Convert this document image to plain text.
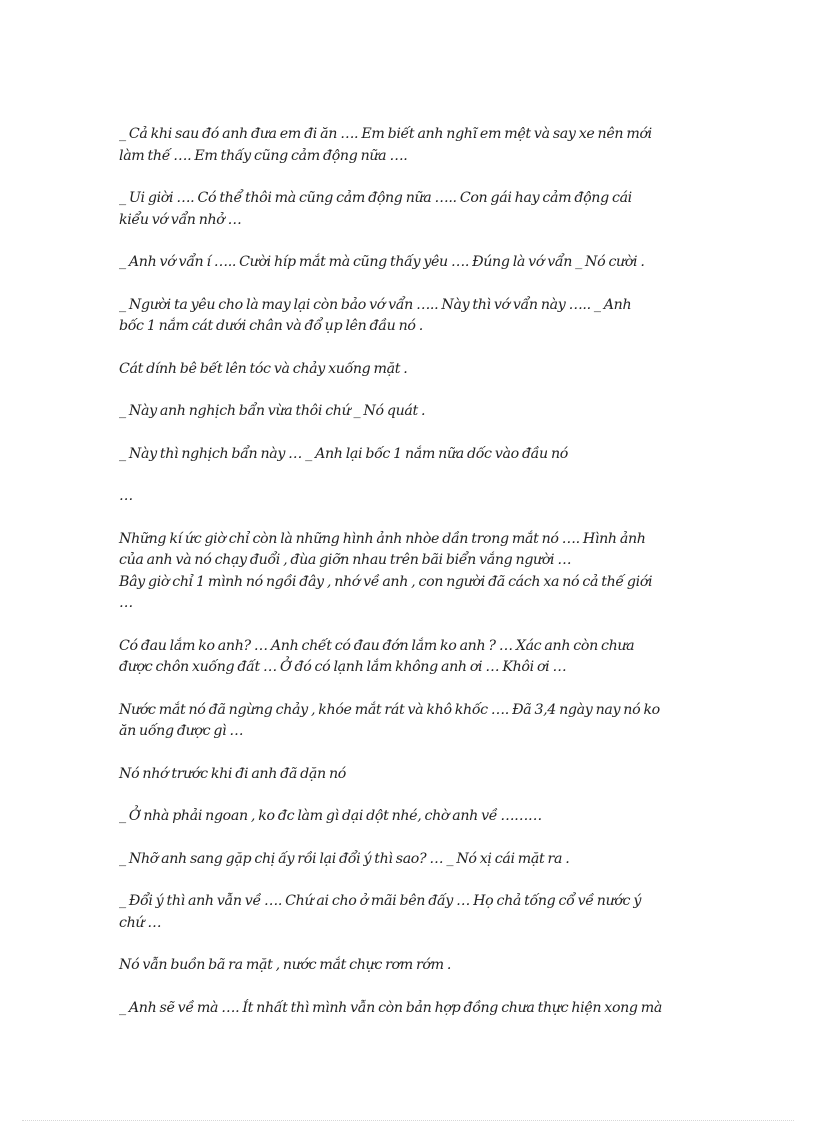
_ Cả khi sau đó anh đưa em đi ăn …. Em biết anh nghĩ em mệt và say xe nên mới
làm thế …. Em thấy cũng cảm động nữa ….

_ Ui giời …. Có thể thôi mà cũng cảm động nữa ….. Con gái hay cảm động cái
kiểu vớ vẩn nhở …

_ Anh vớ vẩn í ….. Cười híp mắt mà cũng thấy yêu …. Đúng là vớ vẩn _ Nó cười .

_ Người ta yêu cho là may lại còn bảo vớ vẩn ….. Này thì vớ vẩn này ….. _ Anh
bốc 1 nắm cát dưới chân và đổ ụp lên đầu nó .

Cát dính bê bết lên tóc và chảy xuống mặt .

_ Này anh nghịch bẩn vừa thôi chứ _ Nó quát .

_ Này thì nghịch bẩn này … _ Anh lại bốc 1 nắm nữa dốc vào đầu nó

…

Những kí ức giờ chỉ còn là những hình ảnh nhòe dần trong mắt nó …. Hình ảnh
của anh và nó chạy đuổi , đùa giỡn nhau trên bãi biển vắng người …
Bây giờ chỉ 1 mình nó ngồi đây , nhớ về anh , con người đã cách xa nó cả thế giới
…

Có đau lắm ko anh? … Anh chết có đau đớn lắm ko anh ? … Xác anh còn chưa
được chôn xuống đất … Ở đó có lạnh lắm không anh ơi … Khôi ơi …

Nước mắt nó đã ngừng chảy , khóe mắt rát và khô khốc …. Đã 3,4 ngày nay nó ko
ăn uống được gì …

Nó nhớ trước khi đi anh đã dặn nó

_ Ở nhà phải ngoan , ko đc làm gì dại dột nhé, chờ anh về ………

_ Nhỡ anh sang gặp chị ấy rồi lại đổi ý thì sao? … _ Nó xị cái mặt ra .

_ Đổi ý thì anh vẫn về …. Chứ ai cho ở mãi bên đấy … Họ chả tống cổ về nước ý
chứ …

Nó vẫn buồn bã ra mặt , nước mắt chực rơm rớm .

_ Anh sẽ về mà …. Ít nhất thì mình vẫn còn bản hợp đồng chưa thực hiện xong mà
